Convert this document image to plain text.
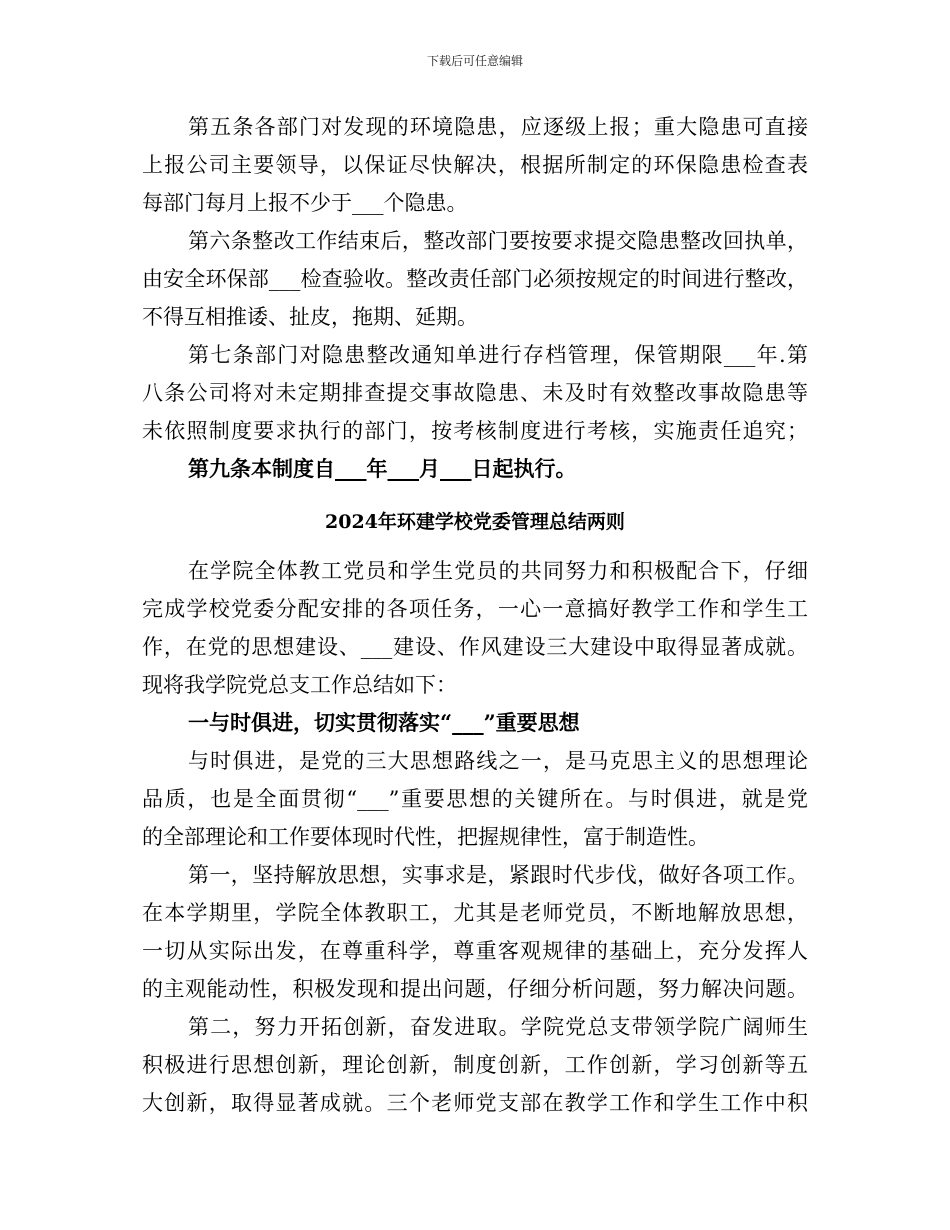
下载后可任意编辑
第五条各部门对发现的环境隐患，应逐级上报；重大隐患可直接
上报公司主要领导，以保证尽快解决，根据所制定的环保隐患检查表
每部门每月上报不少于___个隐患。
第六条整改工作结束后，整改部门要按要求提交隐患整改回执单，
由安全环保部___检查验收。整改责任部门必须按规定的时间进行整改，
不得互相推诿、扯皮，拖期、延期。
第七条部门对隐患整改通知单进行存档管理，保管期限___年.第
八条公司将对未定期排查提交事故隐患、未及时有效整改事故隐患等
未依照制度要求执行的部门，按考核制度进行考核，实施责任追究；
第九条本制度自___年___月___日起执行。
2024年环建学校党委管理总结两则
在学院全体教工党员和学生党员的共同努力和积极配合下，仔细
完成学校党委分配安排的各项任务，一心一意搞好教学工作和学生工
作，在党的思想建设、___建设、作风建设三大建设中取得显著成就。
现将我学院党总支工作总结如下：
一与时俱进，切实贯彻落实“___”重要思想
与时俱进，是党的三大思想路线之一，是马克思主义的思想理论
品质，也是全面贯彻“___”重要思想的关键所在。与时俱进，就是党
的全部理论和工作要体现时代性，把握规律性，富于制造性。
第一，坚持解放思想，实事求是，紧跟时代步伐，做好各项工作。
在本学期里，学院全体教职工，尤其是老师党员，不断地解放思想，
一切从实际出发，在尊重科学，尊重客观规律的基础上，充分发挥人
的主观能动性，积极发现和提出问题，仔细分析问题，努力解决问题。
第二，努力开拓创新，奋发进取。学院党总支带领学院广阔师生
积极进行思想创新，理论创新，制度创新，工作创新，学习创新等五
大创新，取得显著成就。三个老师党支部在教学工作和学生工作中积
